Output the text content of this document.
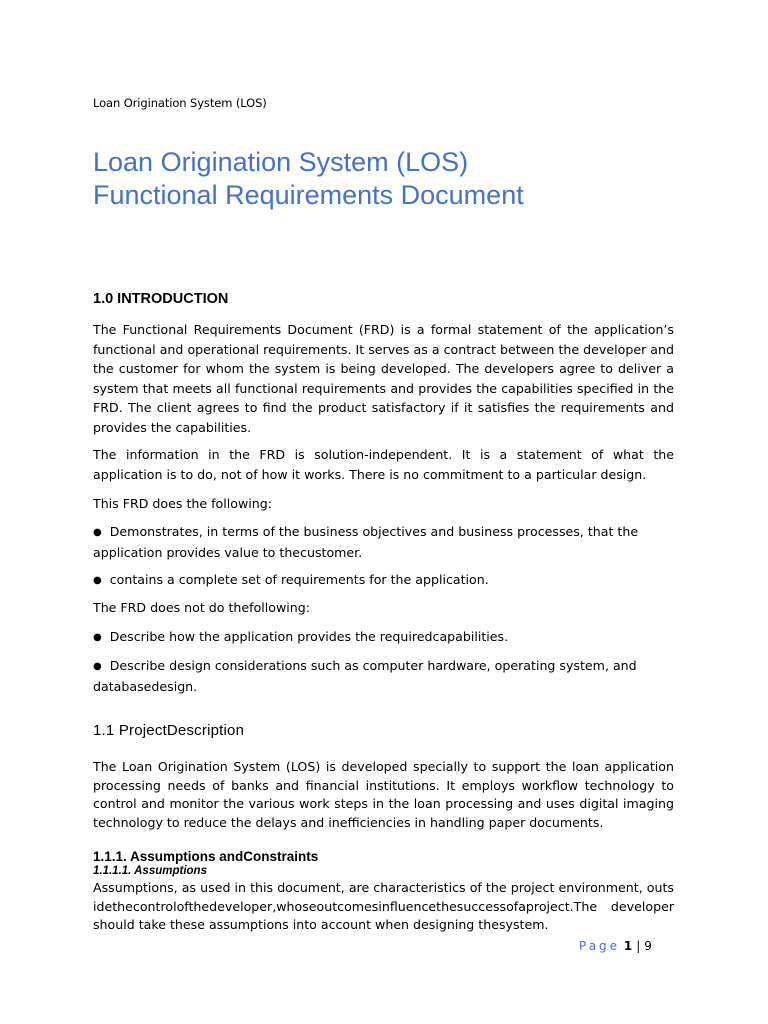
Loan Origination System (LOS)
Loan Origination System (LOS)
Functional Requirements Document
1.0 INTRODUCTION

The Functional Requirements Document (FRD) is a formal statement of the application’s functional and operational requirements. It serves as a contract between the developer and the customer for whom the system is being developed. The developers agree to deliver a system that meets all functional requirements and provides the capabilities specified in the FRD. The client agrees to find the product satisfactory if it satisfies the requirements and provides the capabilities.

The information in the FRD is solution-independent. It is a statement of what the application is to do, not of how it works. There is no commitment to a particular design.

This FRD does the following:

● Demonstrates, in terms of the business objectives and business processes, that the application provides value to thecustomer.

● contains a complete set of requirements for the application.

The FRD does not do thefollowing:

● Describe how the application provides the requiredcapabilities.

● Describe design considerations such as computer hardware, operating system, and databasedesign.

1.1 ProjectDescription

The Loan Origination System (LOS) is developed specially to support the loan application processing needs of banks and financial institutions. It employs workflow technology to control and monitor the various work steps in the loan processing and uses digital imaging technology to reduce the delays and inefficiencies in handling paper documents.

1.1.1. Assumptions andConstraints
1.1.1.1. Assumptions

Assumptions, as used in this document, are characteristics of the project environment, outsidethecontrolofthedeveloper,whoseoutcomesinfluencethesuccessofaproject.The developer should take these assumptions into account when designing thesystem.

Page 1 | 9
